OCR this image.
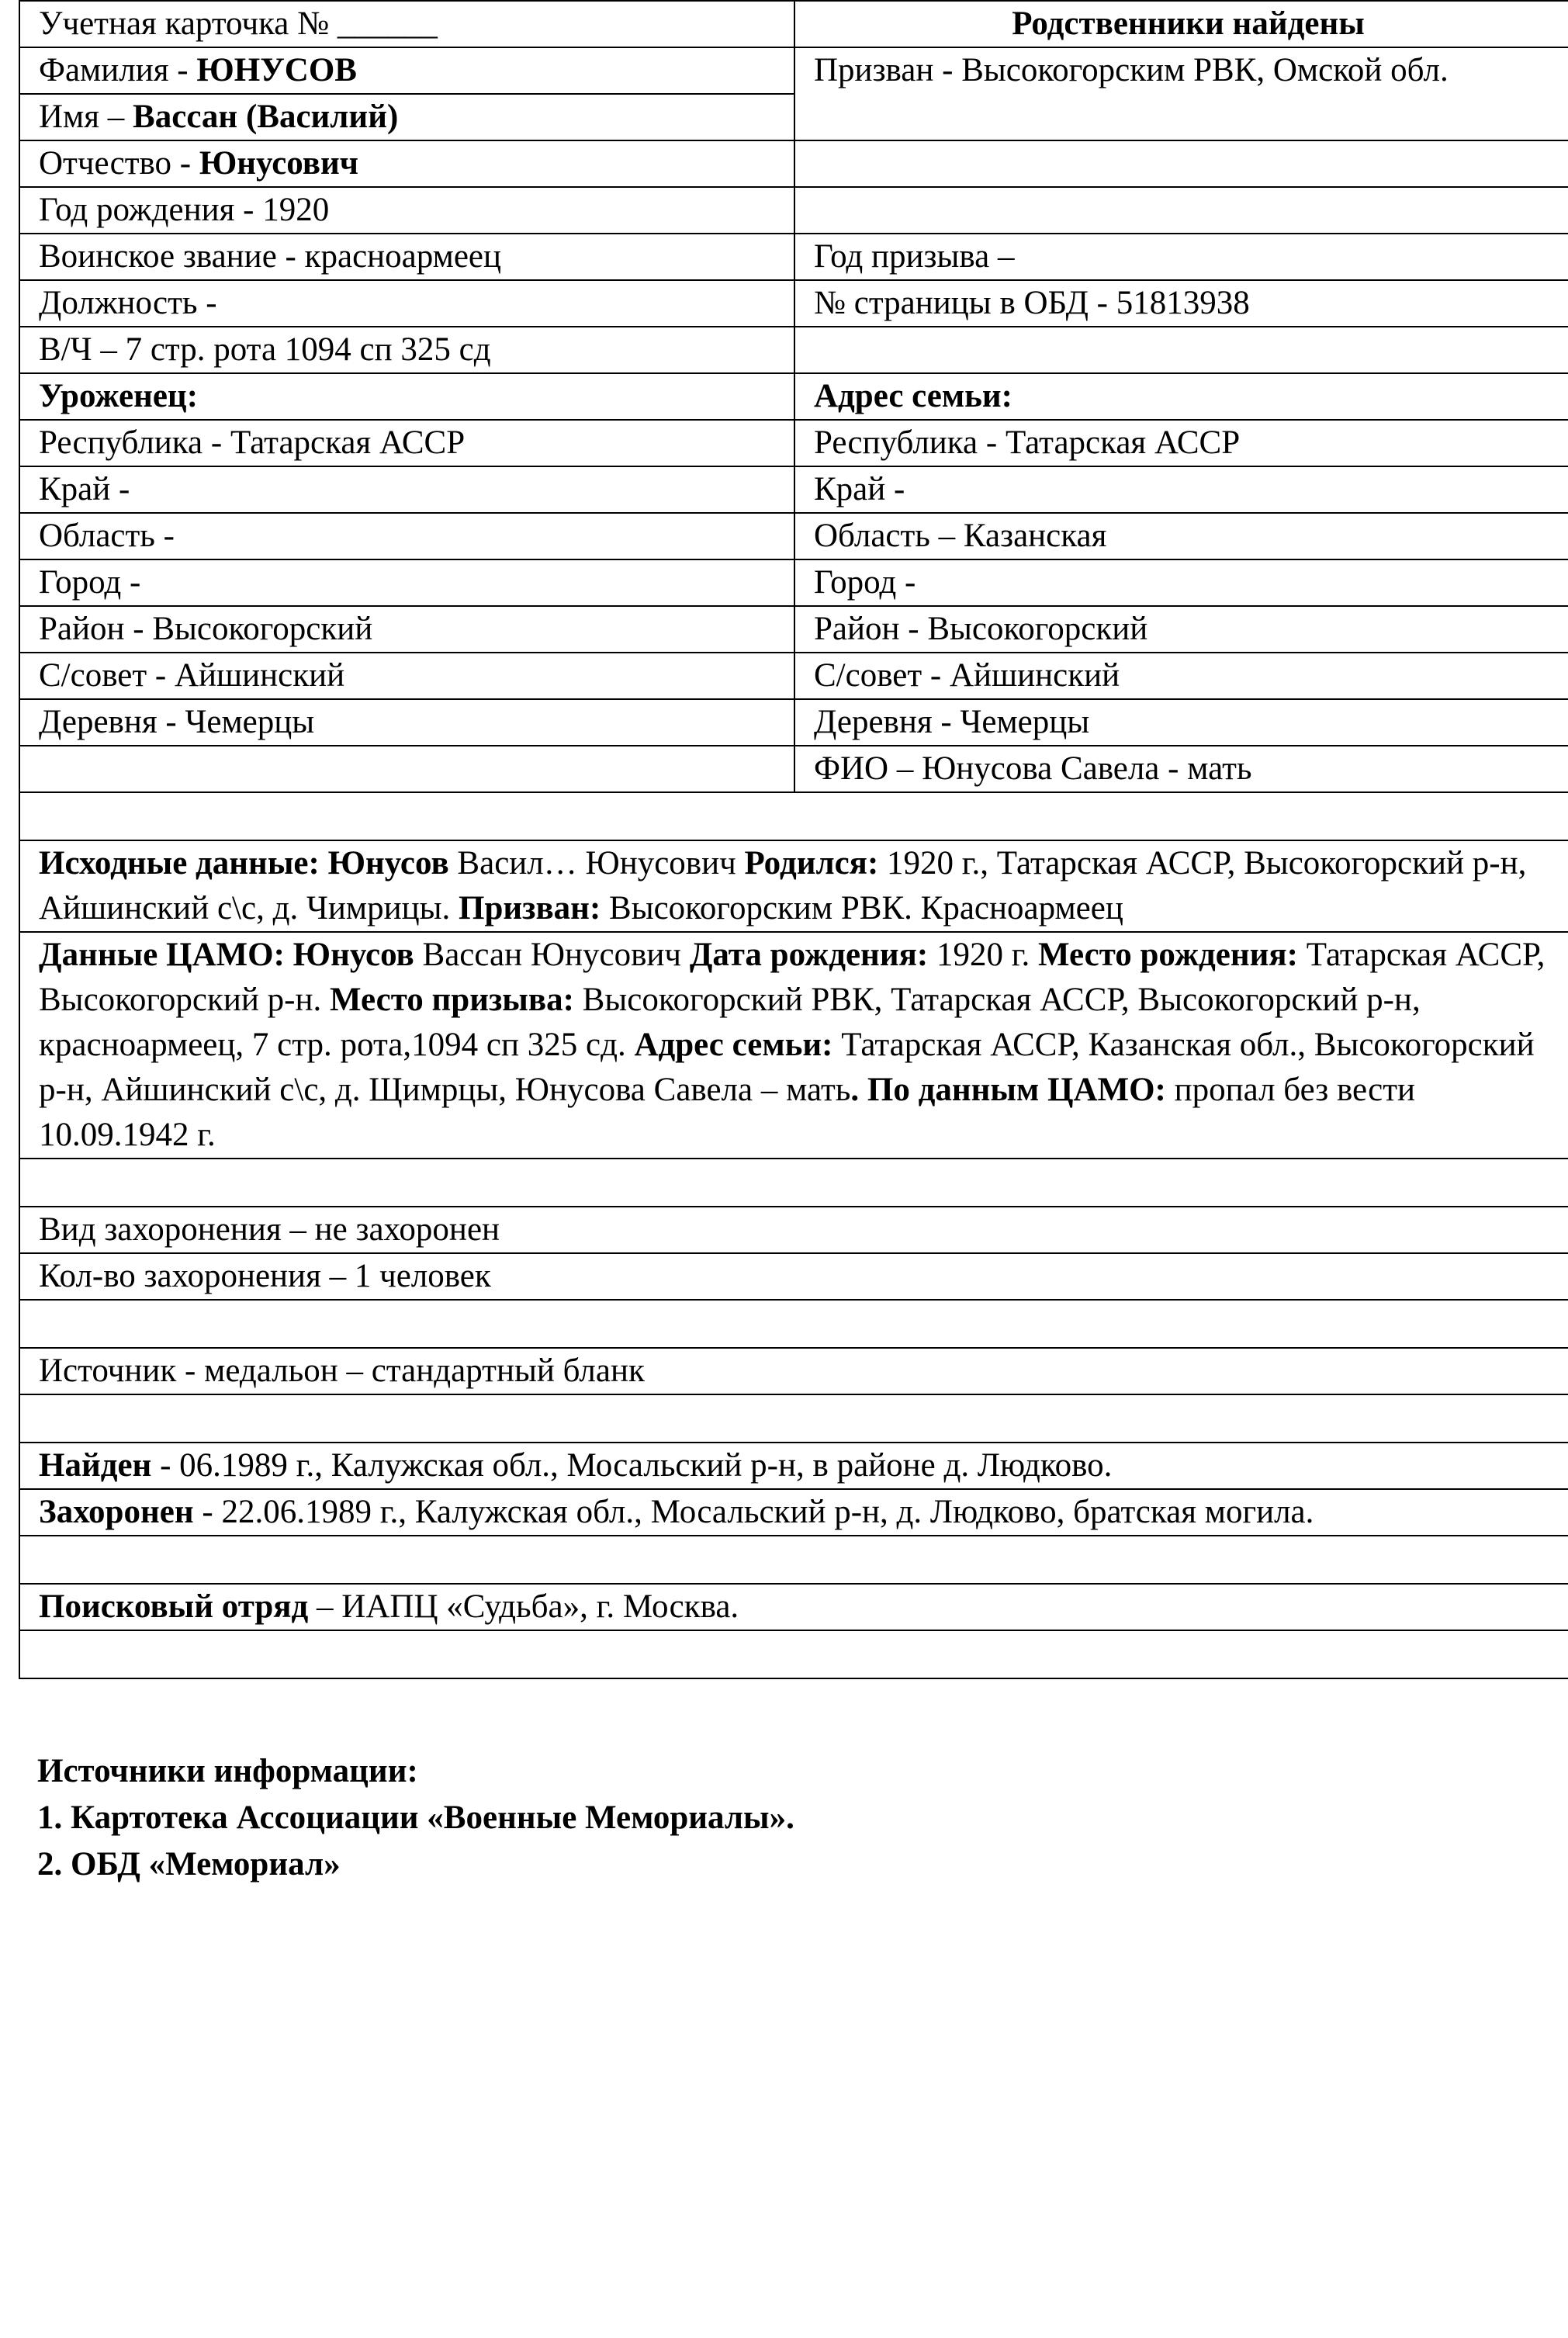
Учетная карточка № ______	Родственники найдены
Фамилия - ЮНУСОВ	Призван - Высокогорским РВК, Омской обл.
Имя – Вассан (Василий)	
Отчество - Юнусович	
Год рождения - 1920	
Воинское звание - красноармеец	Год призыва –
Должность -	№ страницы в ОБД - 51813938
В/Ч – 7 стр. рота 1094 сп 325 сд	
Уроженец:	Адрес семьи:
Республика - Татарская АССР	Республика - Татарская АССР
Край -	Край -
Область -	Область – Казанская
Город -	Город -
Район - Высокогорский	Район - Высокогорский
С/совет - Айшинский	С/совет - Айшинский
Деревня - Чемерцы	Деревня - Чемерцы
	ФИО – Юнусова Савела - мать

Исходные данные: Юнусов Васил… Юнусович Родился: 1920 г., Татарская АССР, Высокогорский р-н, Айшинский с\с, д. Чимрицы. Призван: Высокогорским РВК. Красноармеец	
Данные ЦАМО: Юнусов Вассан Юнусович Дата рождения: 1920 г. Место рождения: Татарская АССР, Высокогорский р-н. Место призыва: Высокогорский РВК, Татарская АССР, Высокогорский р-н, красноармеец, 7 стр. рота,1094 сп 325 сд. Адрес семьи: Татарская АССР, Казанская обл., Высокогорский р-н, Айшинский с\с, д. Щимрцы, Юнусова Савела – мать. По данным ЦАМО: пропал без вести 10.09.1942 г.	

Вид захоронения – не захоронен	
Кол-во захоронения – 1 человек	

Источник - медальон – стандартный бланк	

Найден - 06.1989 г., Калужская обл., Мосальский р-н, в районе д. Людково.	
Захоронен - 22.06.1989 г., Калужская обл., Мосальский р-н, д. Людково, братская могила.	

Поисковый отряд – ИАПЦ «Судьба», г. Москва.	

Источники информации:
1. Картотека Ассоциации «Военные Мемориалы».
2. ОБД «Мемориал»
